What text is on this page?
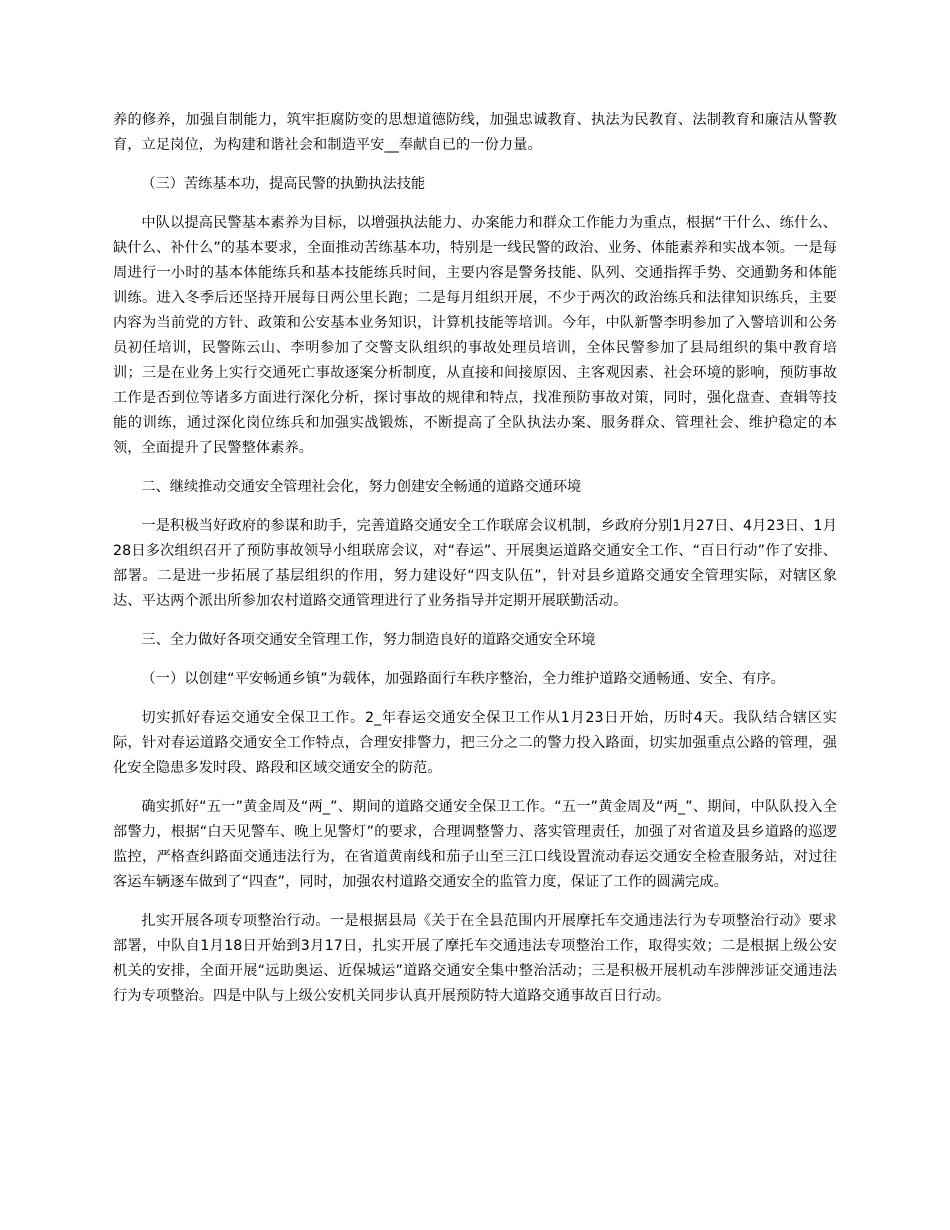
养的修养，加强自制能力，筑牢拒腐防变的思想道德防线，加强忠诚教育、执法为民教育、法制教育和廉洁从警教育，立足岗位，为构建和谐社会和制造平安__奉献自已的一份力量。

（三）苦练基本功，提高民警的执勤执法技能

中队以提高民警基本素养为目标，以增强执法能力、办案能力和群众工作能力为重点，根据“干什么、练什么、缺什么、补什么”的基本要求，全面推动苦练基本功，特别是一线民警的政治、业务、体能素养和实战本领。一是每周进行一小时的基本体能练兵和基本技能练兵时间，主要内容是警务技能、队列、交通指挥手势、交通勤务和体能训练。进入冬季后还坚持开展每日两公里长跑；二是每月组织开展，不少于两次的政治练兵和法律知识练兵，主要内容为当前党的方针、政策和公安基本业务知识，计算机技能等培训。今年，中队新警李明参加了入警培训和公务员初任培训，民警陈云山、李明参加了交警支队组织的事故处理员培训，全体民警参加了县局组织的集中教育培训；三是在业务上实行交通死亡事故逐案分析制度，从直接和间接原因、主客观因素、社会环境的影响，预防事故工作是否到位等诸多方面进行深化分析，探讨事故的规律和特点，找准预防事故对策，同时，强化盘查、查辑等技能的训练，通过深化岗位练兵和加强实战锻炼，不断提高了全队执法办案、服务群众、管理社会、维护稳定的本领，全面提升了民警整体素养。

二、继续推动交通安全管理社会化，努力创建安全畅通的道路交通环境

一是积极当好政府的参谋和助手，完善道路交通安全工作联席会议机制，乡政府分别1月27日、4月23日、1月28日多次组织召开了预防事故领导小组联席会议，对“春运”、开展奥运道路交通安全工作、“百日行动”作了安排、部署。二是进一步拓展了基层组织的作用，努力建设好“四支队伍”，针对县乡道路交通安全管理实际，对辖区象达、平达两个派出所参加农村道路交通管理进行了业务指导并定期开展联勤活动。

三、全力做好各项交通安全管理工作，努力制造良好的道路交通安全环境

（一）以创建“平安畅通乡镇”为载体，加强路面行车秩序整治，全力维护道路交通畅通、安全、有序。

切实抓好春运交通安全保卫工作。2_年春运交通安全保卫工作从1月23日开始，历时4天。我队结合辖区实际，针对春运道路交通安全工作特点，合理安排警力，把三分之二的警力投入路面，切实加强重点公路的管理，强化安全隐患多发时段、路段和区域交通安全的防范。

确实抓好“五一”黄金周及“两_”、期间的道路交通安全保卫工作。“五一”黄金周及“两_”、期间，中队队投入全部警力，根据“白天见警车、晚上见警灯”的要求，合理调整警力、落实管理责任，加强了对省道及县乡道路的巡逻监控，严格查纠路面交通违法行为，在省道黄南线和茄子山至三江口线设置流动春运交通安全检查服务站，对过往客运车辆逐车做到了“四查”，同时，加强农村道路交通安全的监管力度，保证了工作的圆满完成。

扎实开展各项专项整治行动。一是根据县局《关于在全县范围内开展摩托车交通违法行为专项整治行动》要求部署，中队自1月18日开始到3月17日，扎实开展了摩托车交通违法专项整治工作，取得实效；二是根据上级公安机关的安排，全面开展“远助奥运、近保城运”道路交通安全集中整治活动；三是积极开展机动车涉牌涉证交通违法行为专项整治。四是中队与上级公安机关同步认真开展预防特大道路交通事故百日行动。
